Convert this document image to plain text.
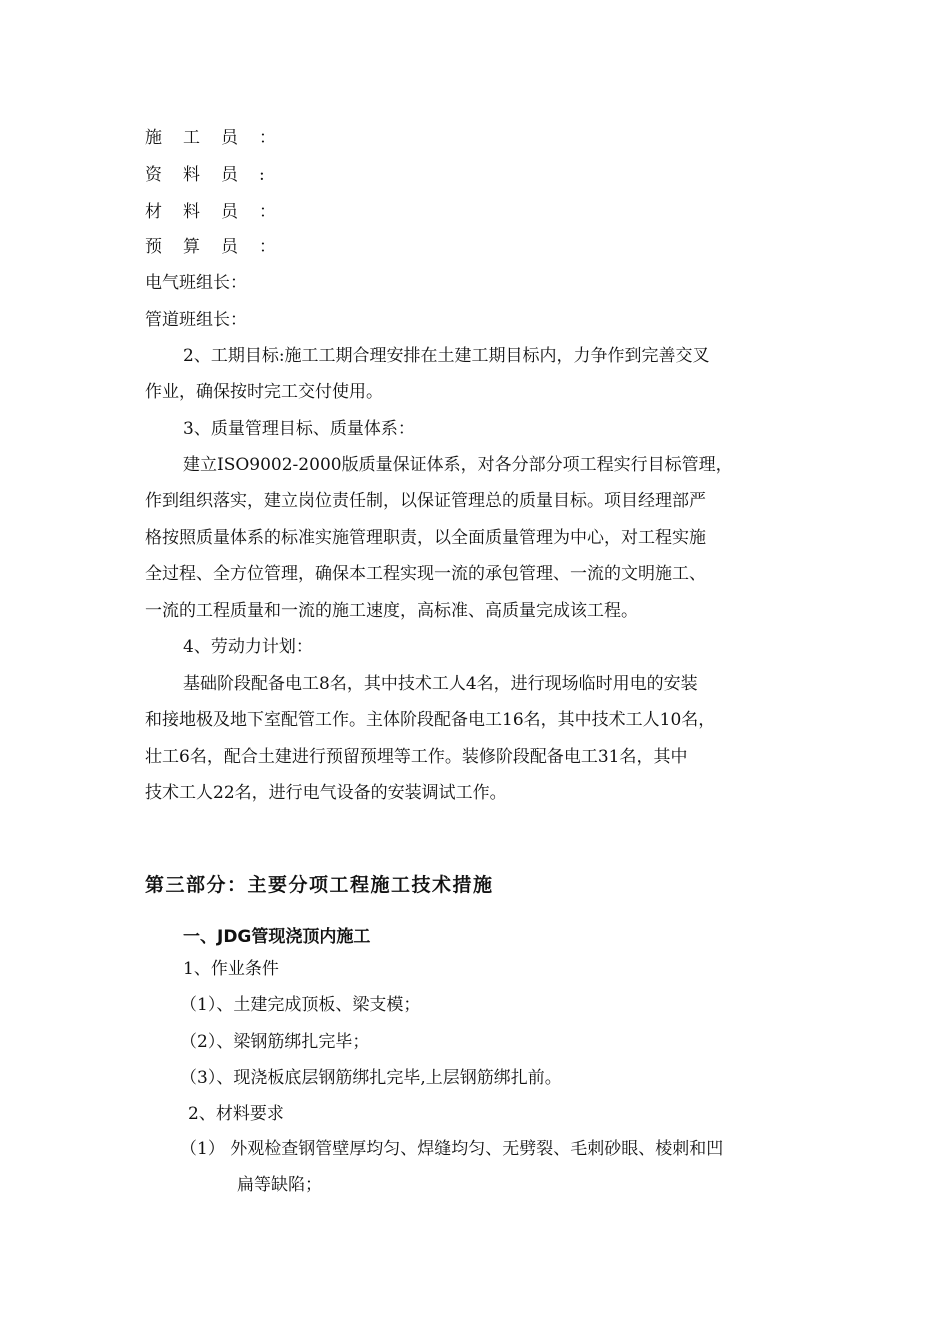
施工员：
资料员:
材料员：
预算员：
电气班组长：
管道班组长：
2、工期目标:施工工期合理安排在土建工期目标内，力争作到完善交叉
作业，确保按时完工交付使用。
3、质量管理目标、质量体系：
建立ISO9002-2000版质量保证体系，对各分部分项工程实行目标管理，
作到组织落实，建立岗位责任制，以保证管理总的质量目标。项目经理部严
格按照质量体系的标准实施管理职责，以全面质量管理为中心，对工程实施
全过程、全方位管理，确保本工程实现一流的承包管理、一流的文明施工、
一流的工程质量和一流的施工速度，高标准、高质量完成该工程。
4、劳动力计划：
基础阶段配备电工8名，其中技术工人4名，进行现场临时用电的安装
和接地极及地下室配管工作。主体阶段配备电工16名，其中技术工人10名，
壮工6名，配合土建进行预留预埋等工作。装修阶段配备电工31名，其中
技术工人22名，进行电气设备的安装调试工作。
第三部分：主要分项工程施工技术措施
一、JDG管现浇顶内施工
1、作业条件
（1）、土建完成顶板、梁支模；
（2）、梁钢筋绑扎完毕；
（3）、现浇板底层钢筋绑扎完毕,上层钢筋绑扎前。
2、材料要求
（1） 外观检查钢管壁厚均匀、焊缝均匀、无劈裂、毛刺砂眼、棱刺和凹
扁等缺陷；
